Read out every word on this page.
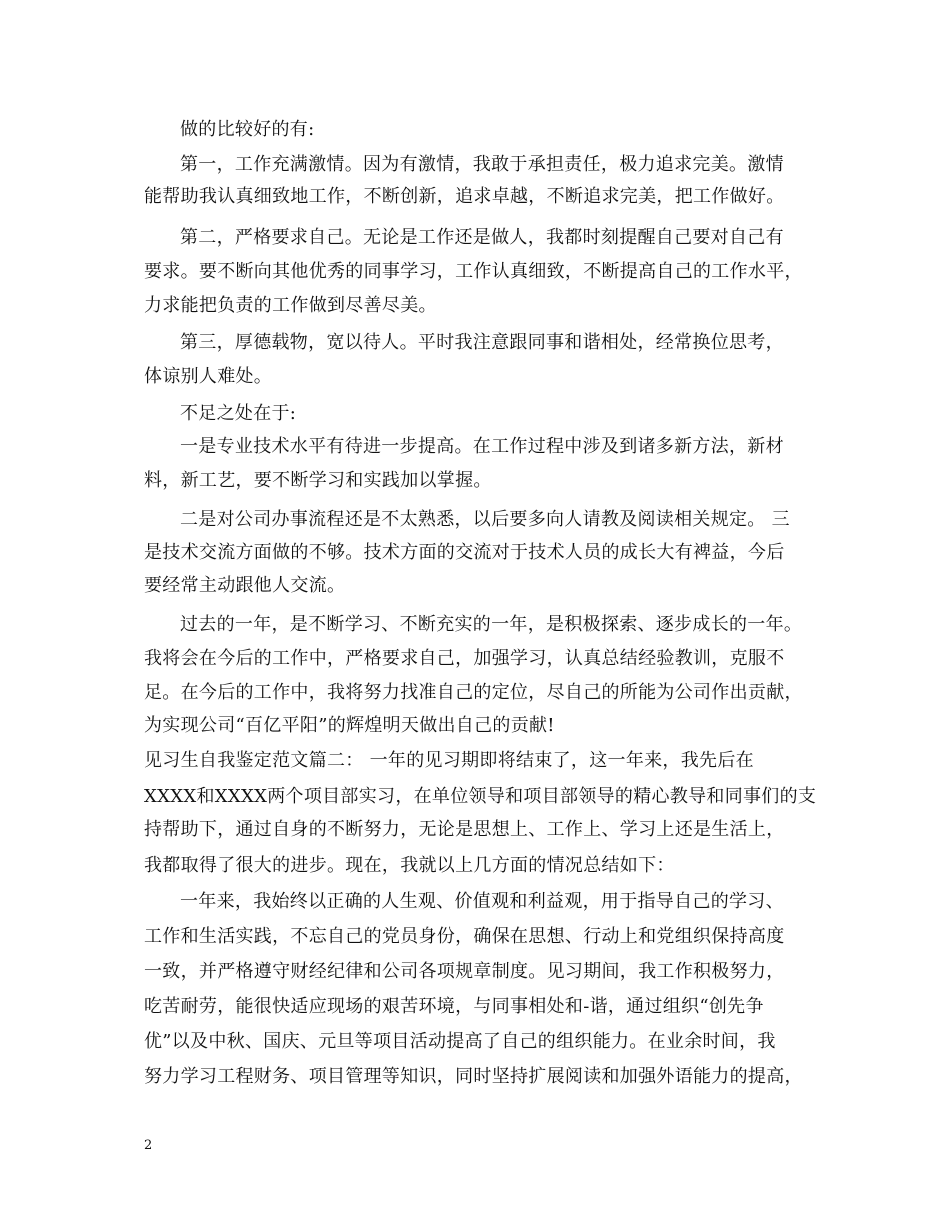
做的比较好的有:
第一，工作充满激情。因为有激情，我敢于承担责任，极力追求完美。激情
能帮助我认真细致地工作，不断创新，追求卓越，不断追求完美，把工作做好。
第二，严格要求自己。无论是工作还是做人，我都时刻提醒自己要对自己有
要求。要不断向其他优秀的同事学习，工作认真细致，不断提高自己的工作水平，
力求能把负责的工作做到尽善尽美。
第三，厚德载物，宽以待人。平时我注意跟同事和谐相处，经常换位思考，
体谅别人难处。
不足之处在于:
一是专业技术水平有待进一步提高。在工作过程中涉及到诸多新方法，新材
料，新工艺，要不断学习和实践加以掌握。
二是对公司办事流程还是不太熟悉，以后要多向人请教及阅读相关规定。 三
是技术交流方面做的不够。技术方面的交流对于技术人员的成长大有裨益，今后
要经常主动跟他人交流。
过去的一年，是不断学习、不断充实的一年，是积极探索、逐步成长的一年。
我将会在今后的工作中，严格要求自己，加强学习，认真总结经验教训，克服不
足。在今后的工作中，我将努力找准自己的定位，尽自己的所能为公司作出贡献，
为实现公司“百亿平阳”的辉煌明天做出自己的贡献!
见习生自我鉴定范文篇二： 一年的见习期即将结束了，这一年来，我先后在
XXXX和XXXX两个项目部实习，在单位领导和项目部领导的精心教导和同事们的支
持帮助下，通过自身的不断努力，无论是思想上、工作上、学习上还是生活上，
我都取得了很大的进步。现在，我就以上几方面的情况总结如下：
一年来，我始终以正确的人生观、价值观和利益观，用于指导自己的学习、
工作和生活实践，不忘自己的党员身份，确保在思想、行动上和党组织保持高度
一致，并严格遵守财经纪律和公司各项规章制度。见习期间，我工作积极努力，
吃苦耐劳，能很快适应现场的艰苦环境，与同事相处和-谐，通过组织“创先争
优”以及中秋、国庆、元旦等项目活动提高了自己的组织能力。在业余时间，我
努力学习工程财务、项目管理等知识，同时坚持扩展阅读和加强外语能力的提高，
2
